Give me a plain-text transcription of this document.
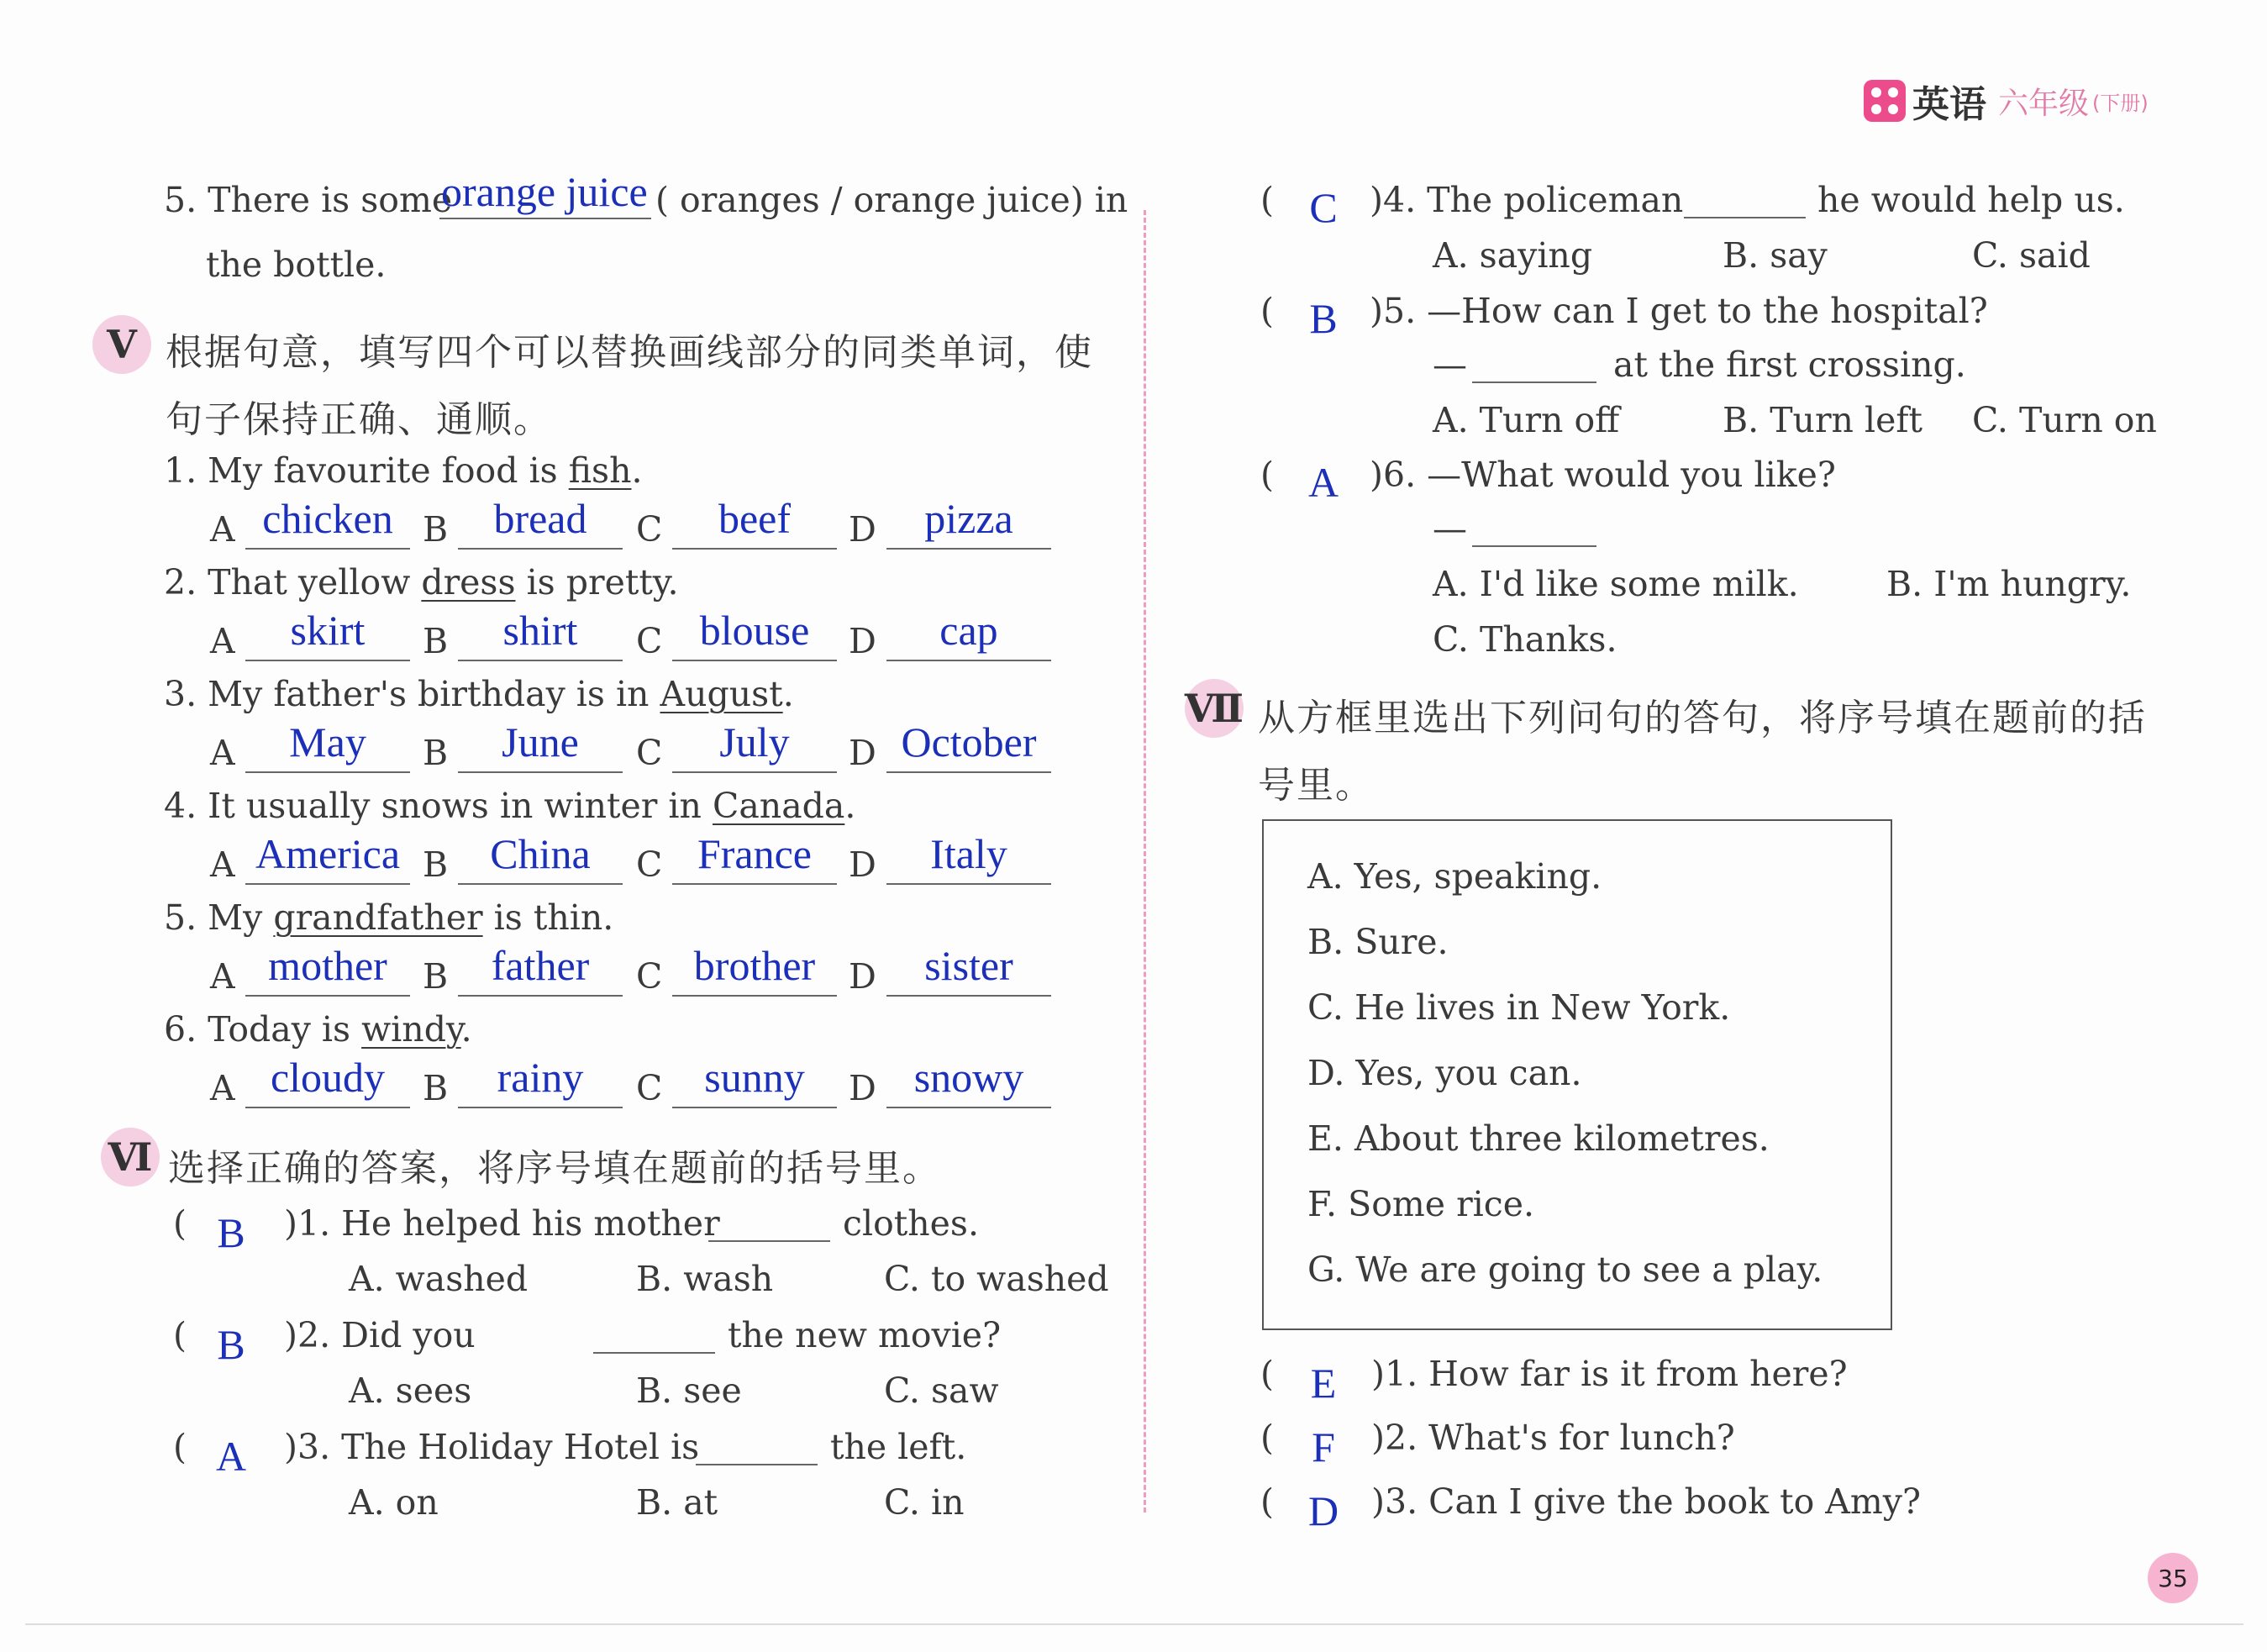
英语 六年级 (下册)
5. There is some
orange juice ( oranges / orange juice) in
the bottle.
V 根据句意，填写四个可以替换画线部分的同类单词，使
句子保持正确、通顺。
1. My favourite food is fish.
A chicken B	bread	C	beef	D	pizza
2. That yellow dress is pretty.
A	skirt	B	shirt	C blouse	D	cap
3. My father's birthday is in August.
A	May	B	June	C	July	D October
4. It usually snows in winter in Canada.
A America B	China	C France	D	Italy
5. My grandfather is thin.
A mother	B	father	C brother D	sister
6. Today is windy.
A cloudy	B	rainy	C sunny	D snowy
Ⅵ 选择正确的答案，将序号填在题前的括号里。
( B	)1. He helped his mother	clothes.
A. washed	B. wash	C. to washed
( B	)2. Did you	the new movie?
A. sees	B. see	C. saw
( A	)3. The Holiday Hotel is	the left.
A. on	B. at	C. in
( C )4. The policeman	he would help us.
A. saying	B. say	C. said
( B )5. —How can I get to the hospital?
—	at the first crossing.
A. Turn off	B. Turn left C. Turn on
( A )6. —What would you like?
—
A. I'd like some milk.	B. I'm hungry.
C. Thanks.
Ⅶ 从方框里选出下列问句的答句，将序号填在题前的括
号里。
A. Yes, speaking.
B. Sure.
C. He lives in New York.
D. Yes, you can.
E. About three kilometres.
F. Some rice.
G. We are going to see a play.
( E	)1. How far is it from here?
( F	)2. What's for lunch?
( D )3. Can I give the book to Amy?
35
